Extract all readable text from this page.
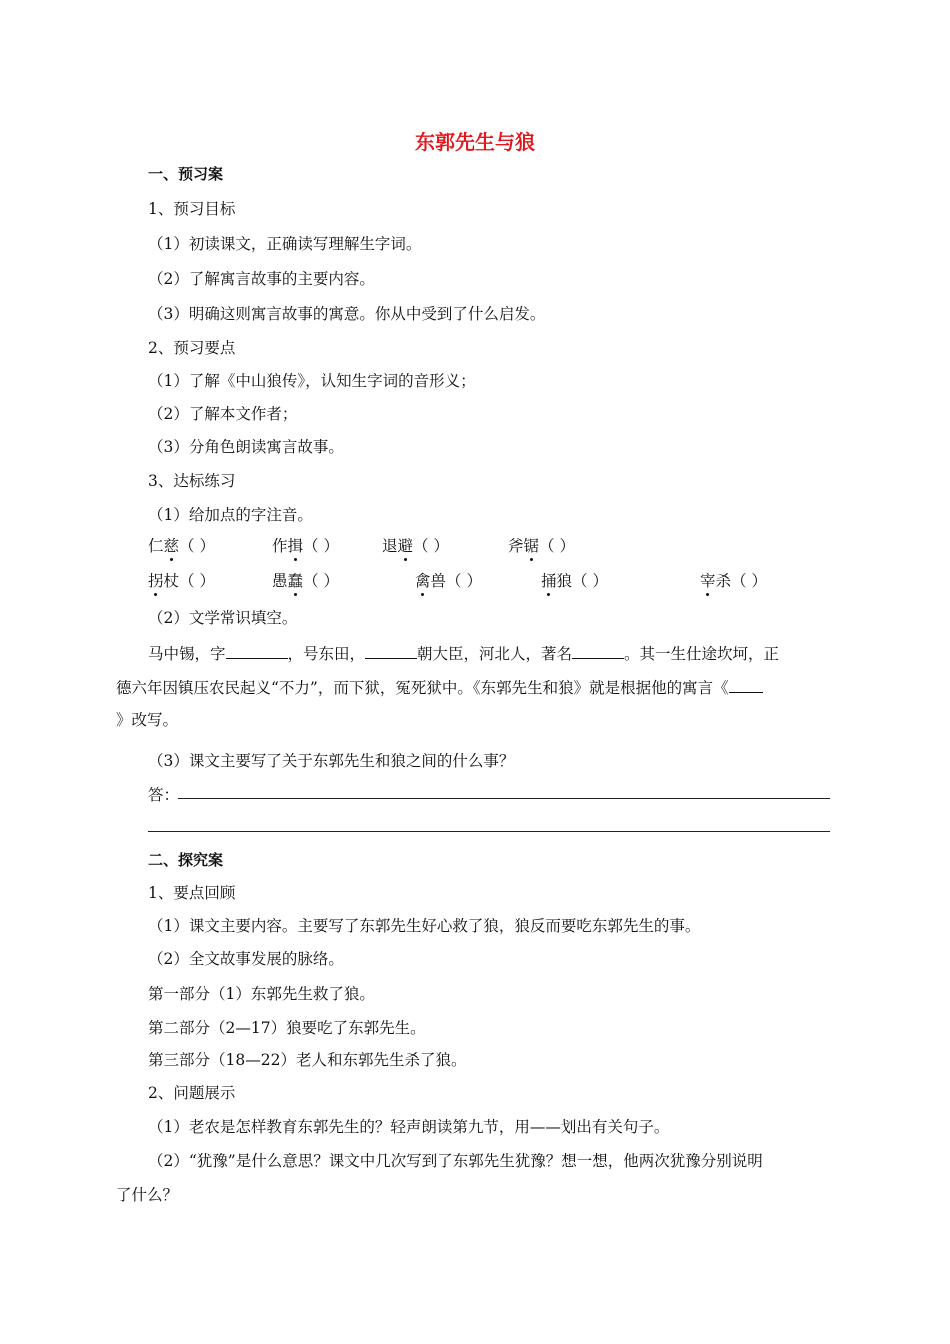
东郭先生与狼
一、预习案
1、预习目标
（1）初读课文，正确读写理解生字词。
（2）了解寓言故事的主要内容。
（3）明确这则寓言故事的寓意。你从中受到了什么启发。
2、预习要点
（1）了解《中山狼传》，认知生字词的音形义；
（2）了解本文作者；
（3）分角色朗读寓言故事。
3、达标练习
（1）给加点的字注音。
仁慈（ ）	作揖（ ）	退避（ ）	斧锯（ ）
拐杖（ ）	愚蠢（ ）	禽兽（ ）	捅狼（ ）	宰杀（ ）
（2）文学常识填空。
马中锡，字	，号东田，	朝大臣，河北人，著名	。其一生仕途坎坷，正
德六年因镇压农民起义“不力”，而下狱，冤死狱中。《东郭先生和狼》就是根据他的寓言《
》改写。
（3）课文主要写了关于东郭先生和狼之间的什么事？
答：
二、探究案
1、要点回顾
（1）课文主要内容。主要写了东郭先生好心救了狼，狼反而要吃东郭先生的事。
（2）全文故事发展的脉络。
第一部分（1）东郭先生救了狼。
第二部分（2—17）狼要吃了东郭先生。
第三部分（18—22）老人和东郭先生杀了狼。
2、问题展示
（1）老农是怎样教育东郭先生的？轻声朗读第九节，用——划出有关句子。
（2）“犹豫”是什么意思？课文中几次写到了东郭先生犹豫？想一想，他两次犹豫分别说明
了什么？
